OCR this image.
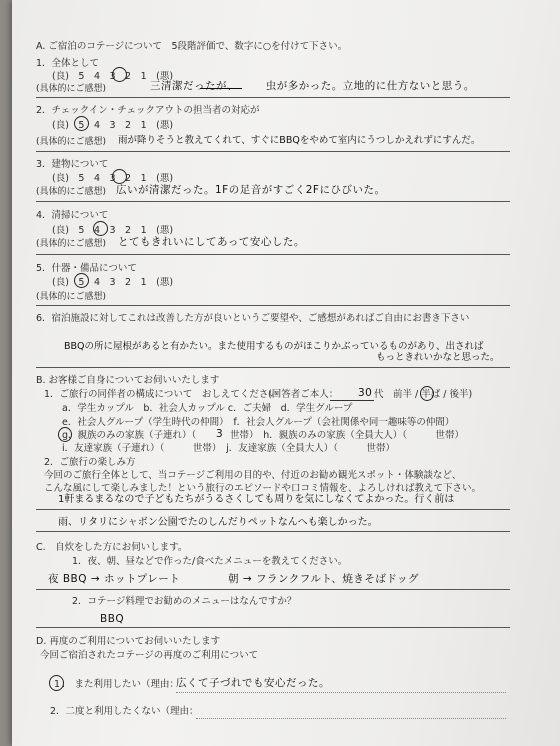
A. ご宿泊のコテージについて　5段階評価で、数字に○を付けて下さい。
1．全体として
(良)　5　4　3　2　1　(悪)
(具体的にご感想)	三清潔だったが、　　　虫が多かった。立地的に仕方ないと思う。
2．チェックイン・チェックアウトの担当者の対応が
(良)　5　4　3　2　1　(悪)
(具体的にご感想) 雨が降りそうと教えてくれて、すぐにBBQをやめて室内にうつしかえれずにすんだ。
3．建物について
(良)　5　4　3　2　1　(悪)
(具体的にご感想) 広いが清潔だった。1Fの足音がすごく2Fにひびいた。
4．清掃について
(良)　5　4　3　2　1　(悪)
(具体的にご感想) とてもきれいにしてあって安心した。
5．什器・備品について
(良)　5　4　3　2　1　(悪)
(具体的にご感想)
6．宿泊施設に対してこれは改善した方が良いというご要望や、ご感想があればご自由にお書き下さい
BBQの所に屋根があると有かたい。また使用するものがほこりかぶっているものがあり、出されば
もっときれいかなと思った。
B. お客様ご自身についてお伺いいたします
1．ご旅行の同伴者の構成について　おしえてください
(回答者ご本人： 30 代　前半 / 半ば / 後半)
a．学生カップル　b．社会人カップル c．ご夫婦　d．学生グループ
e．社会人グループ（学生時代の仲間）　f．社会人グループ（会社関係や同一趣味等の仲間）
g．親族のみの家族（子連れ）（ 3 世帯）　h．親族のみの家族（全員大人）（　　　世帯）
i．友達家族（子連れ）（　　　世帯）　j．友達家族（全員大人）（　　　世帯）
2．ご旅行の楽しみ方
今回のご旅行全体として、当コテージご利用の目的や、付近のお勧め観光スポット・体験談など、
こんな風にして楽しみました！という旅行のエピソードや口コミ情報を、よろしければ教えて下さい。
1軒まるまるなので子どもたちがうるさくしても周りを気にしなくてよかった。行く前は
雨、リタリにシャボン公園でたのしんだりペットなんへも楽しかった。
C.　自炊をした方にお伺いします。
1．夜、朝、昼などで作った/食べたメニューを教えてください。
夜 BBQ → ホットプレート	朝 → フランクフルト、焼きそばドッグ
2．コテージ料理でお勧めのメニューはなんですか？
BBQ
D. 再度のご利用についてお伺いいたします
今回ご宿泊されたコテージの再度のご利用について
1 .　また利用したい（理由：
広くて子づれでも安心だった。
2．二度と利用したくない（理由：
